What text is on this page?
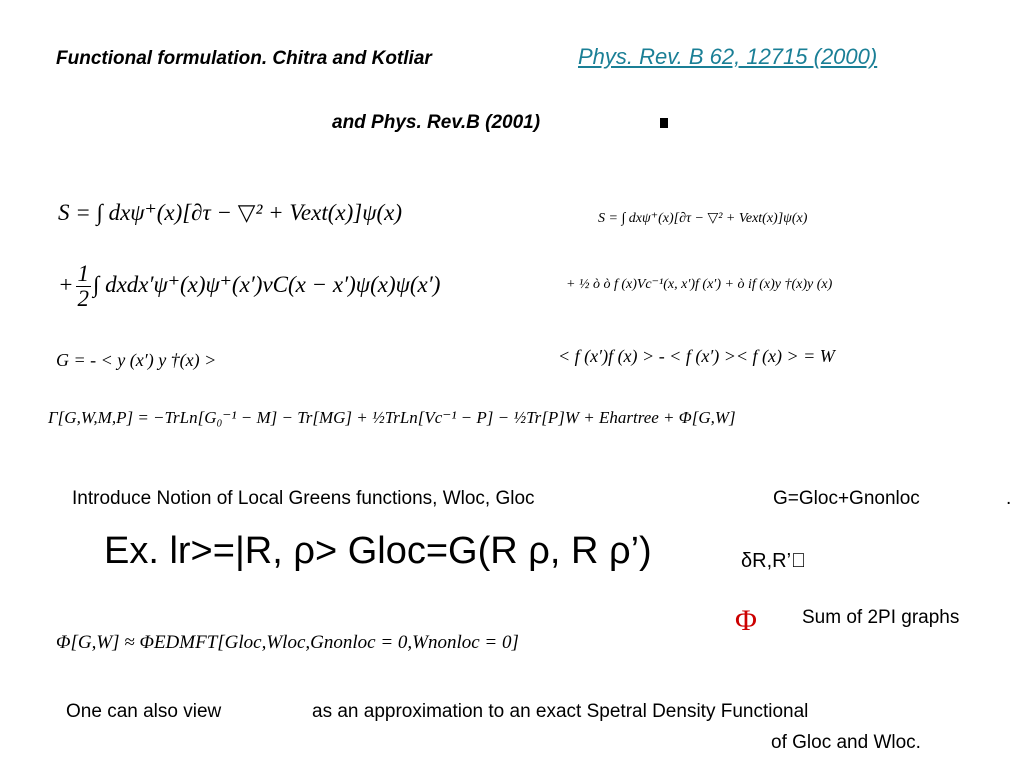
Functional formulation. Chitra and Kotliar	Phys. Rev. B 62, 12715 (2000)
and Phys. Rev.B (2001)
S = ∫ dxψ⁺(x)[∂τ − ▽² + Vext(x)]ψ(x)
+ $\frac{1}{2}$ ∫ dxdx′ψ⁺(x)ψ⁺(x′)vC(x − x′)ψ(x)ψ(x′)
S = ∫ dxψ⁺(x)[∂τ − ▽² + Vext(x)]ψ(x)
+ ½ ò ò f (x)Vc⁻¹(x, x′)f (x′) + ò if (x)y †(x)y (x)
G = - < y (x′) y †(x) >	< f (x′)f (x) > - < f (x′) >< f (x) > = W
Γ[G,W,M,P] = −TrLn[G₀⁻¹ − M] − Tr[MG] + ½TrLn[Vc⁻¹ − P] − ½Tr[P]W + Ehartree + Φ[G,W]
Introduce Notion of Local Greens functions, Wloc, Gloc	G=Gloc+Gnonloc	.
Ex. lr>=|R, ρ> Gloc=G(R ρ, R ρ’)	δR,R’ 
Φ Sum of 2PI graphs
Φ[G,W] ≈ ΦEDMFT[Gloc,Wloc,Gnonloc = 0,Wnonloc = 0]
One can also view	as an approximation to an exact Spetral Density Functional
of Gloc and Wloc.
